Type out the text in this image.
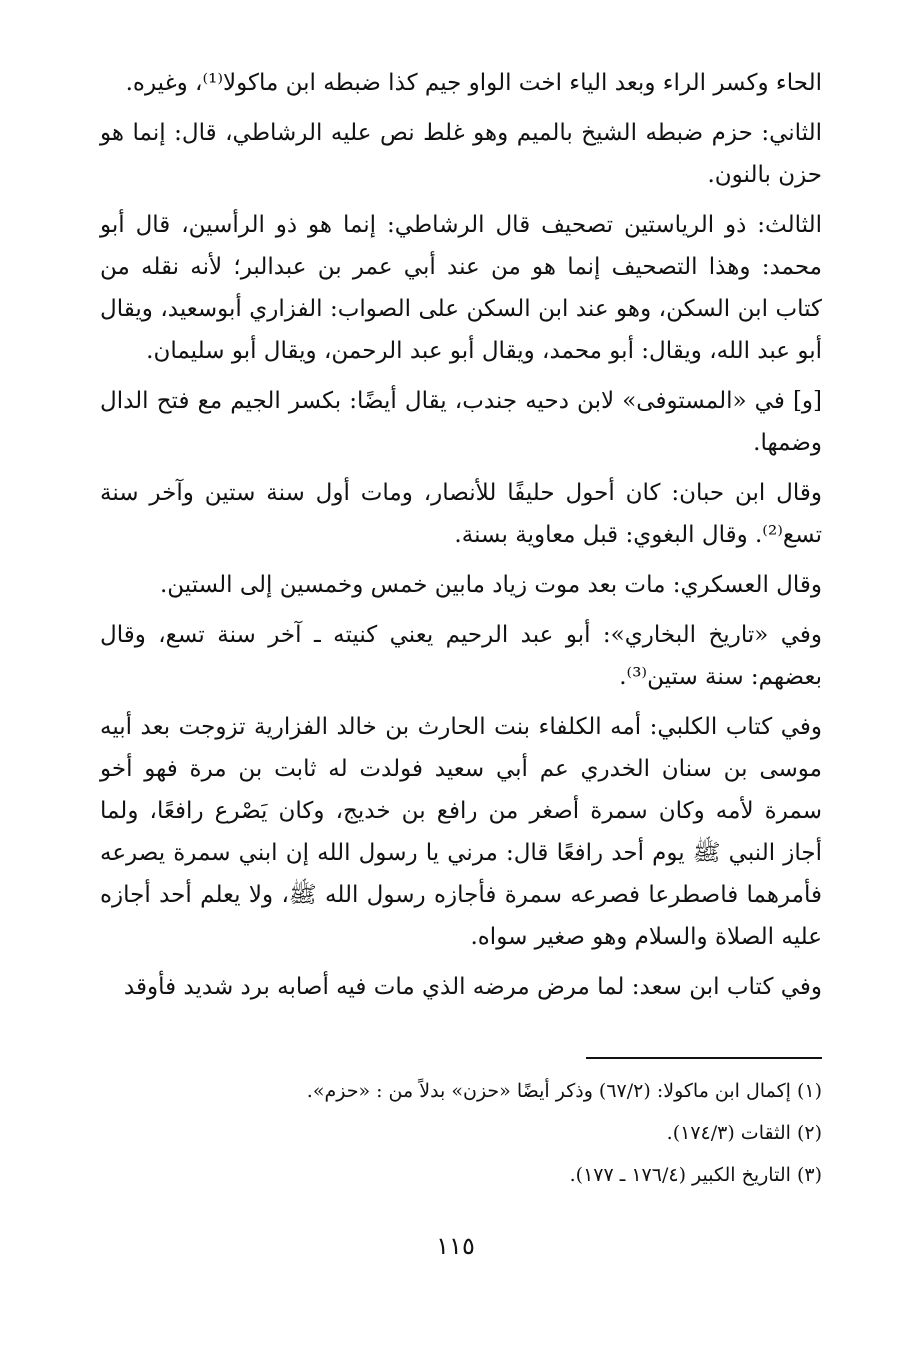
الحاء وكسر الراء وبعد الياء اخت الواو جيم كذا ضبطه ابن ماكولا⁽¹⁾، وغيره.

الثاني: حزم ضبطه الشيخ بالميم وهو غلط نص عليه الرشاطي، قال: إنما هو حزن بالنون.

الثالث: ذو الرياستين تصحيف قال الرشاطي: إنما هو ذو الرأسين، قال أبو محمد: وهذا التصحيف إنما هو من عند أبي عمر بن عبدالبر؛ لأنه نقله من كتاب ابن السكن، وهو عند ابن السكن على الصواب: الفزاري أبوسعيد، ويقال أبو عبد الله، ويقال: أبو محمد، ويقال أبو عبد الرحمن، ويقال أبو سليمان.

[و] في «المستوفى» لابن دحيه جندب، يقال أيضًا: بكسر الجيم مع فتح الدال وضمها.

وقال ابن حبان: كان أحول حليفًا للأنصار، ومات أول سنة ستين وآخر سنة تسع⁽²⁾. وقال البغوي: قبل معاوية بسنة.

وقال العسكري: مات بعد موت زياد مابين خمس وخمسين إلى الستين.

وفي «تاريخ البخاري»: أبو عبد الرحيم يعني كنيته ـ آخر سنة تسع، وقال بعضهم: سنة ستين⁽³⁾.

وفي كتاب الكلبي: أمه الكلفاء بنت الحارث بن خالد الفزارية تزوجت بعد أبيه موسى بن سنان الخدري عم أبي سعيد فولدت له ثابت بن مرة فهو أخو سمرة لأمه وكان سمرة أصغر من رافع بن خديج، وكان يَصْرع رافعًا، ولما أجاز النبي ﷺ يوم أحد رافعًا قال: مرني يا رسول الله إن ابني سمرة يصرعه فأمرهما فاصطرعا فصرعه سمرة فأجازه رسول الله ﷺ، ولا يعلم أحد أجازه عليه الصلاة والسلام وهو صغير سواه.

وفي كتاب ابن سعد: لما مرض مرضه الذي مات فيه أصابه برد شديد فأوقد

(١) إكمال ابن ماكولا: (٦٧/٢) وذكر أيضًا «حزن» بدلاً من : «حزم».

(٢) الثقات (١٧٤/٣).

(٣) التاريخ الكبير (١٧٦/٤ ـ ١٧٧).

١١٥
